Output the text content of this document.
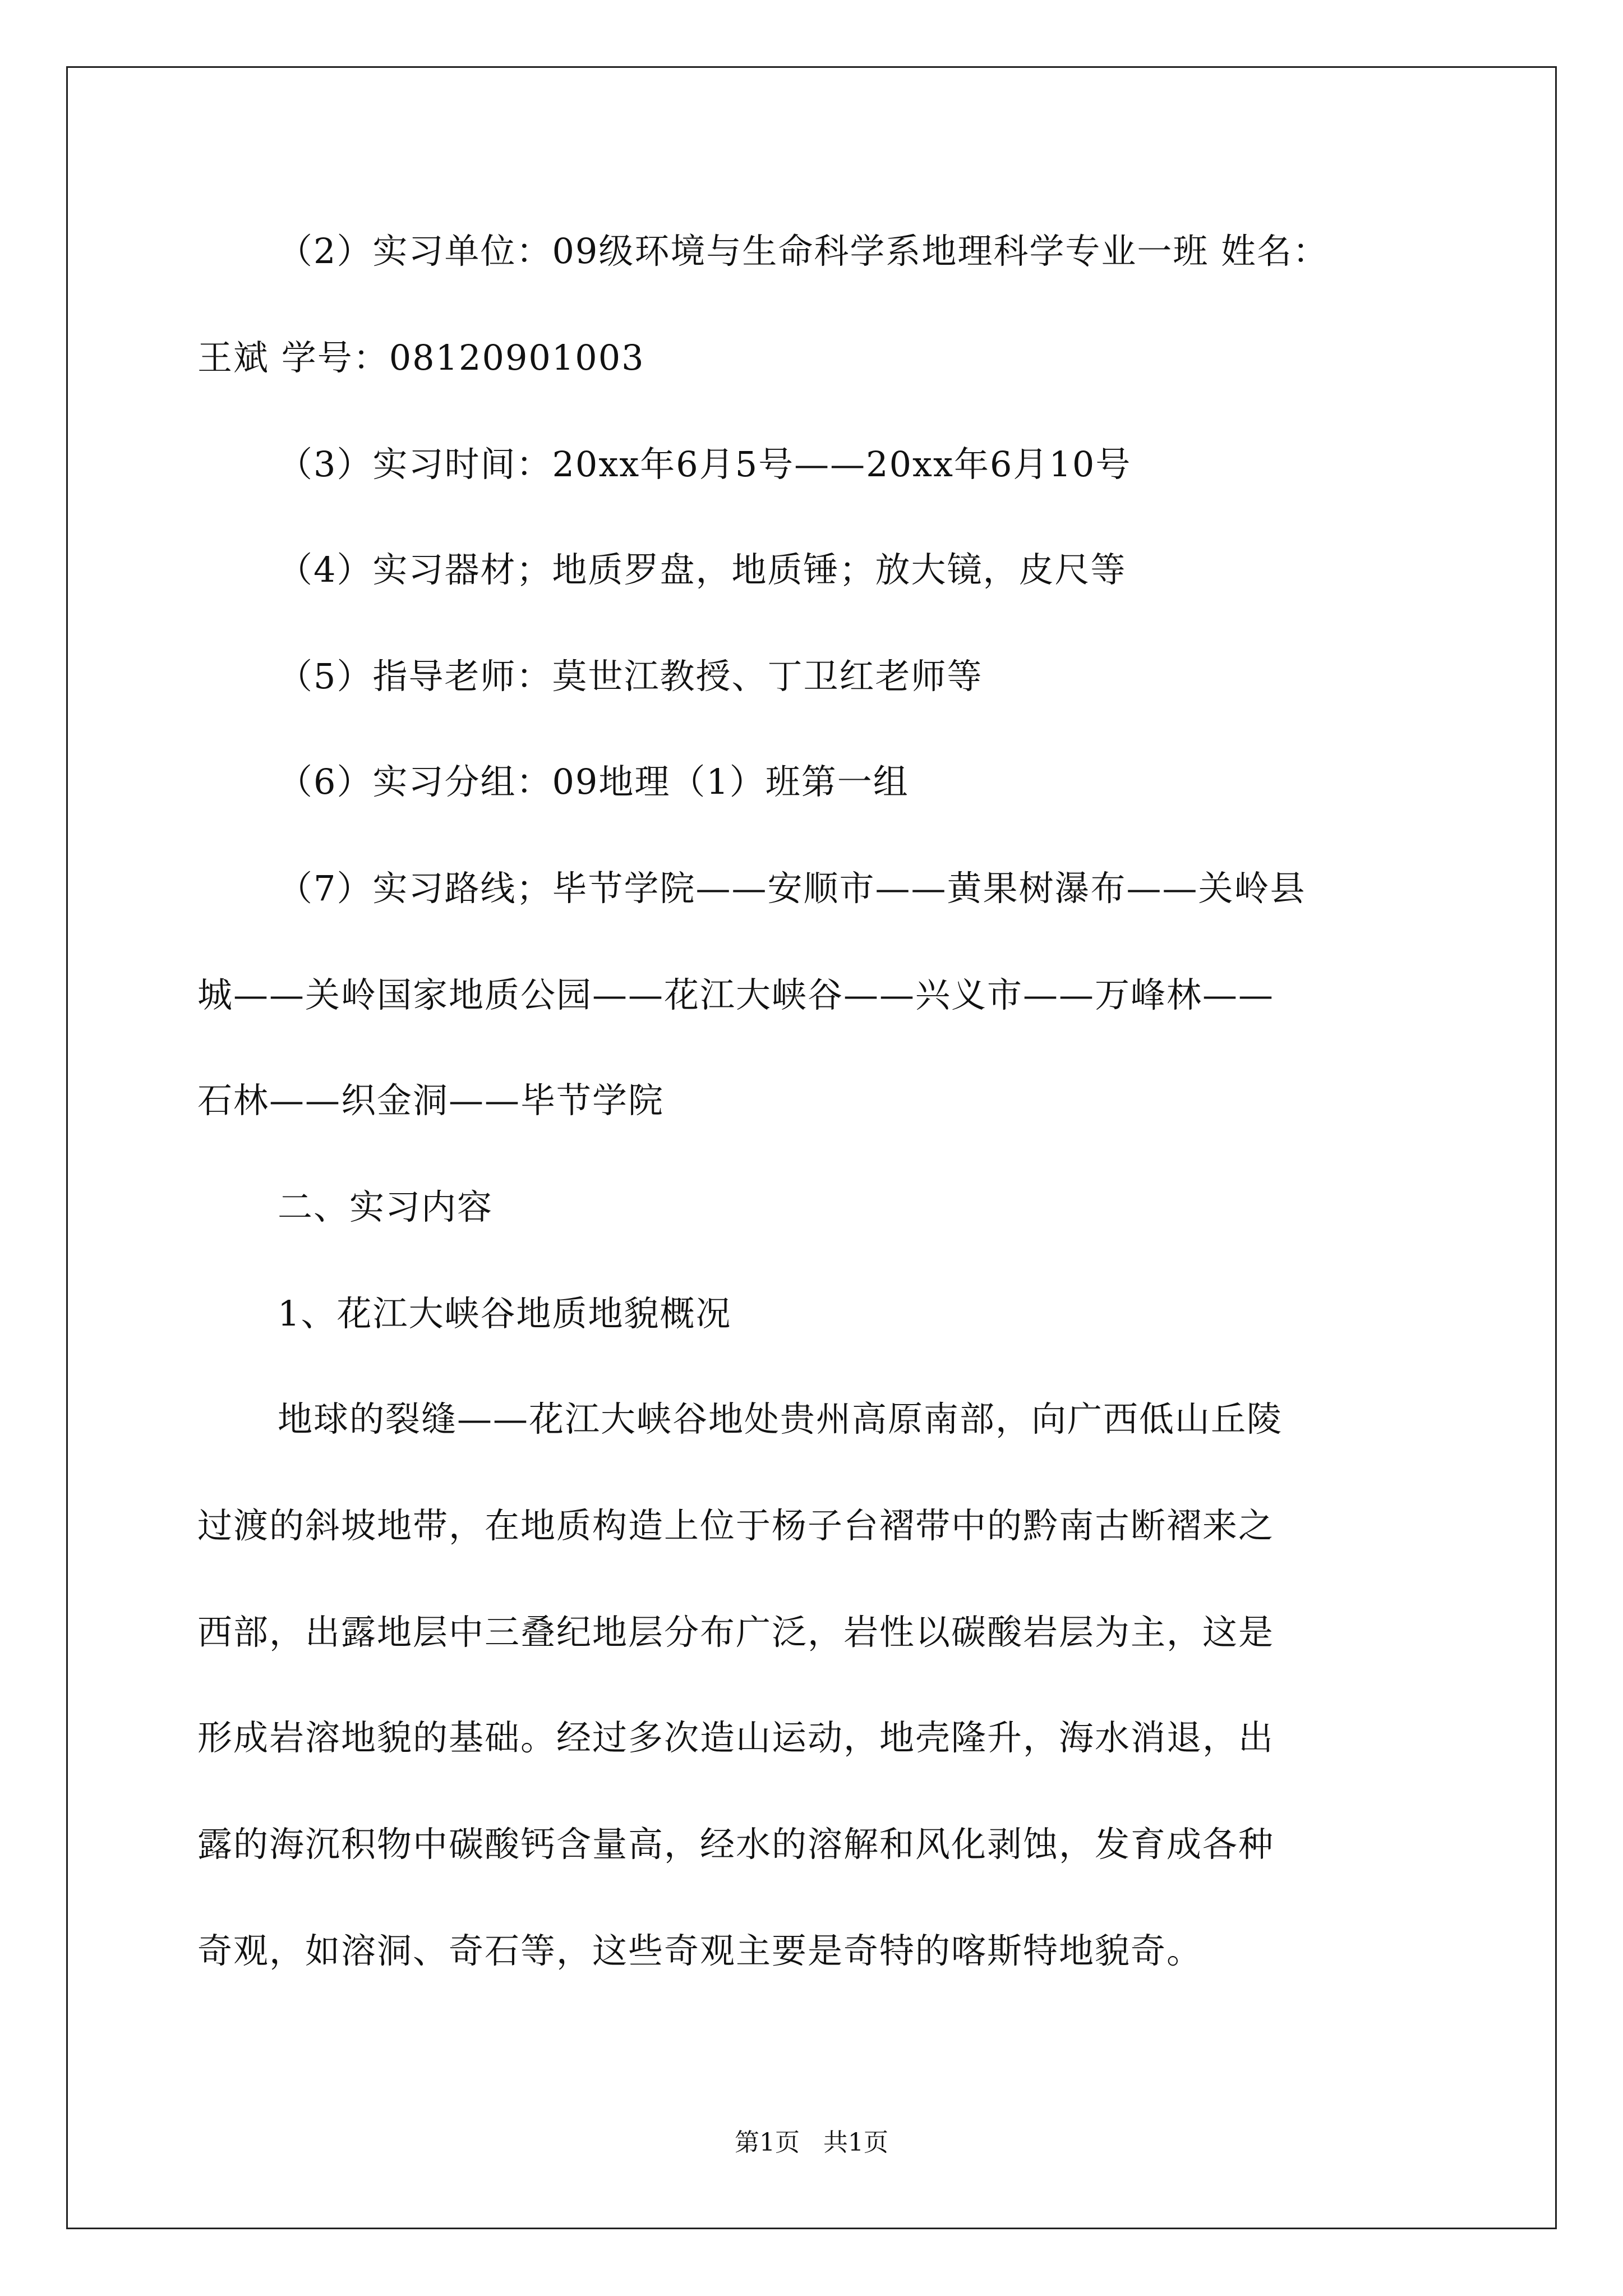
（2）实习单位：09级环境与生命科学系地理科学专业一班 姓名：
王斌 学号：08120901003
（3）实习时间：20xx年6月5号——20xx年6月10号
（4）实习器材；地质罗盘，地质锤；放大镜，皮尺等
（5）指导老师：莫世江教授、丁卫红老师等
（6）实习分组：09地理（1）班第一组
（7）实习路线；毕节学院——安顺市——黄果树瀑布——关岭县
城——关岭国家地质公园——花江大峡谷——兴义市——万峰林——
石林——织金洞——毕节学院
二、实习内容
1、花江大峡谷地质地貌概况
地球的裂缝——花江大峡谷地处贵州高原南部，向广西低山丘陵
过渡的斜坡地带，在地质构造上位于杨子台褶带中的黔南古断褶来之
西部，出露地层中三叠纪地层分布广泛，岩性以碳酸岩层为主，这是
形成岩溶地貌的基础。经过多次造山运动，地壳隆升，海水消退，出
露的海沉积物中碳酸钙含量高，经水的溶解和风化剥蚀，发育成各种
奇观，如溶洞、奇石等，这些奇观主要是奇特的喀斯特地貌奇。
第1页   共1页
